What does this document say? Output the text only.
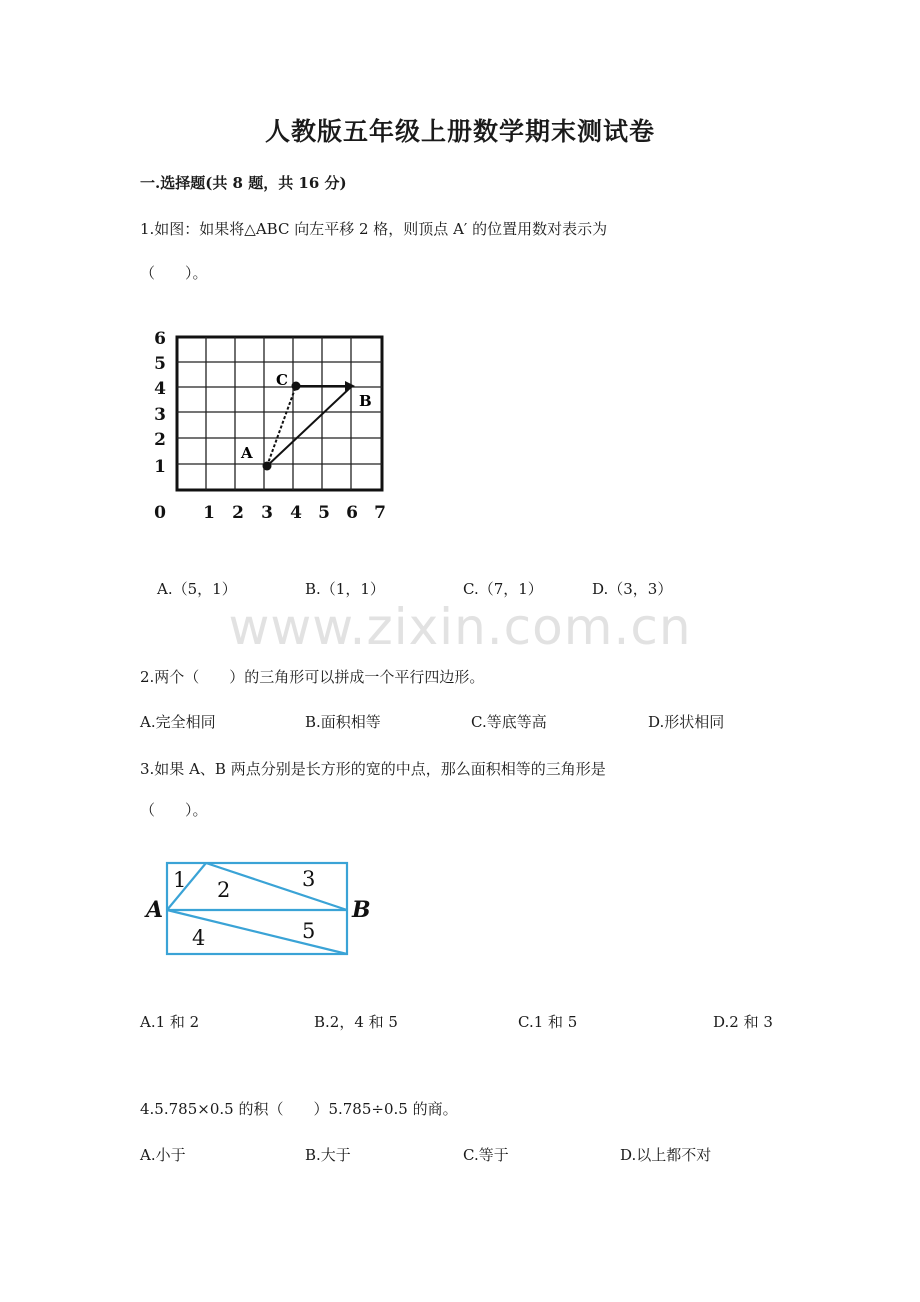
人教版五年级上册数学期末测试卷
一.选择题(共 8 题，共 16 分)
www.zixin.com.cn
1.如图：如果将△ABC 向左平移 2 格，则顶点 A′ 的位置用数对表示为
（　　）。
A
C
B
6
5
4
3
2
1
0 1 2 3 4 5 6 7
A.（5，1）	B.（1，1）	C.（7，1）	D.（3，3）
2.两个（　　）的三角形可以拼成一个平行四边形。
A.完全相同	B.面积相等	C.等底等高	D.形状相同
3.如果 A、B 两点分别是长方形的宽的中点，那么面积相等的三角形是
（　　）。
1 2	3
4	5
A	B
A.1 和 2	B.2，4 和 5	C.1 和 5	D.2 和 3
4.5.785×0.5 的积（　　）5.785÷0.5 的商。
A.小于	B.大于	C.等于	D.以上都不对
